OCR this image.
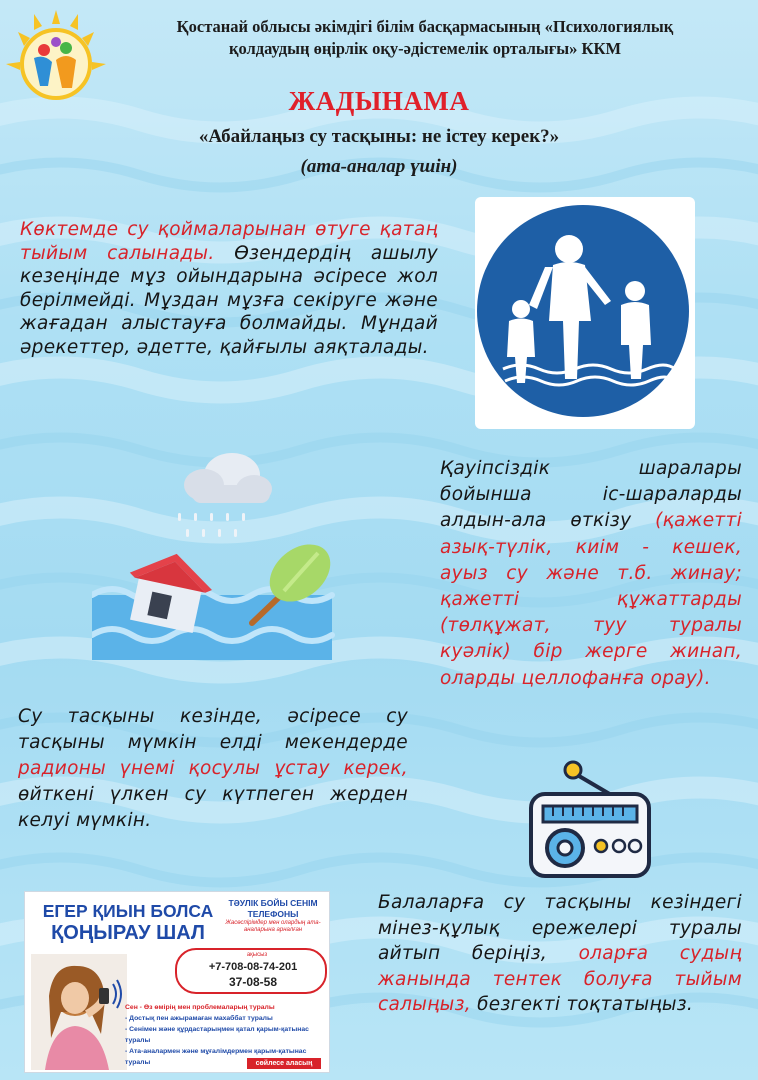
Қостанай облысы әкімдігі білім басқармасының «Психологиялық
қолдаудың өңірлік оқу-әдістемелік орталығы» ККМ
ЖАДЫНАМА
«Абайлаңыз су тасқыны: не істеу керек?»
(ата-аналар үшін)
Көктемде су қоймаларынан өтуге қатаң тыйым салынады. Өзендердің ашылу кезеңінде мұз ойындарына әсіресе жол берілмейді. Мұздан мұзға секіруге және жағадан алыстауға болмайды. Мұндай әрекеттер, әдетте, қайғылы аяқталады.
Қауіпсіздік шаралары бойынша іс-шараларды алдын-ала өткізу (қажетті азық-түлік, киім - кешек, ауыз су және т.б. жинау; қажетті құжаттарды (төлқұжат, туу туралы куәлік) бір жерге жинап, оларды целлофанға орау).
Су тасқыны кезінде, әсіресе су тасқыны мүмкін елді мекендерде радионы үнемі қосулы ұстау керек, өйткені үлкен су күтпеген жерден келуі мүмкін.
ЕГЕР ҚИЫН БОЛСА
ҚОҢЫРАУ ШАЛ
ТӘУЛІК БОЙЫ СЕНІМ ТЕЛЕФОНЫ
Жасөспірімдер мен олардың ата-аналарына арналған
ақысыз
+7-708-08-74-201
37-08-58
Сен - Өз өмірің мен проблемаларың туралы
- Достық пен ажырамаған махаббат туралы
- Сенімен және құрдастарыңмен қатал қарым-қатынас туралы
- Ата-аналармен және мұғалімдермен қарым-қатынас туралы	сөйлесе аласың
Балаларға су тасқыны кезіндегі мінез-құлық ережелері туралы айтып беріңіз, оларға судың жанында тентек болуға тыйым салыңыз, безгекті тоқтатыңыз.
